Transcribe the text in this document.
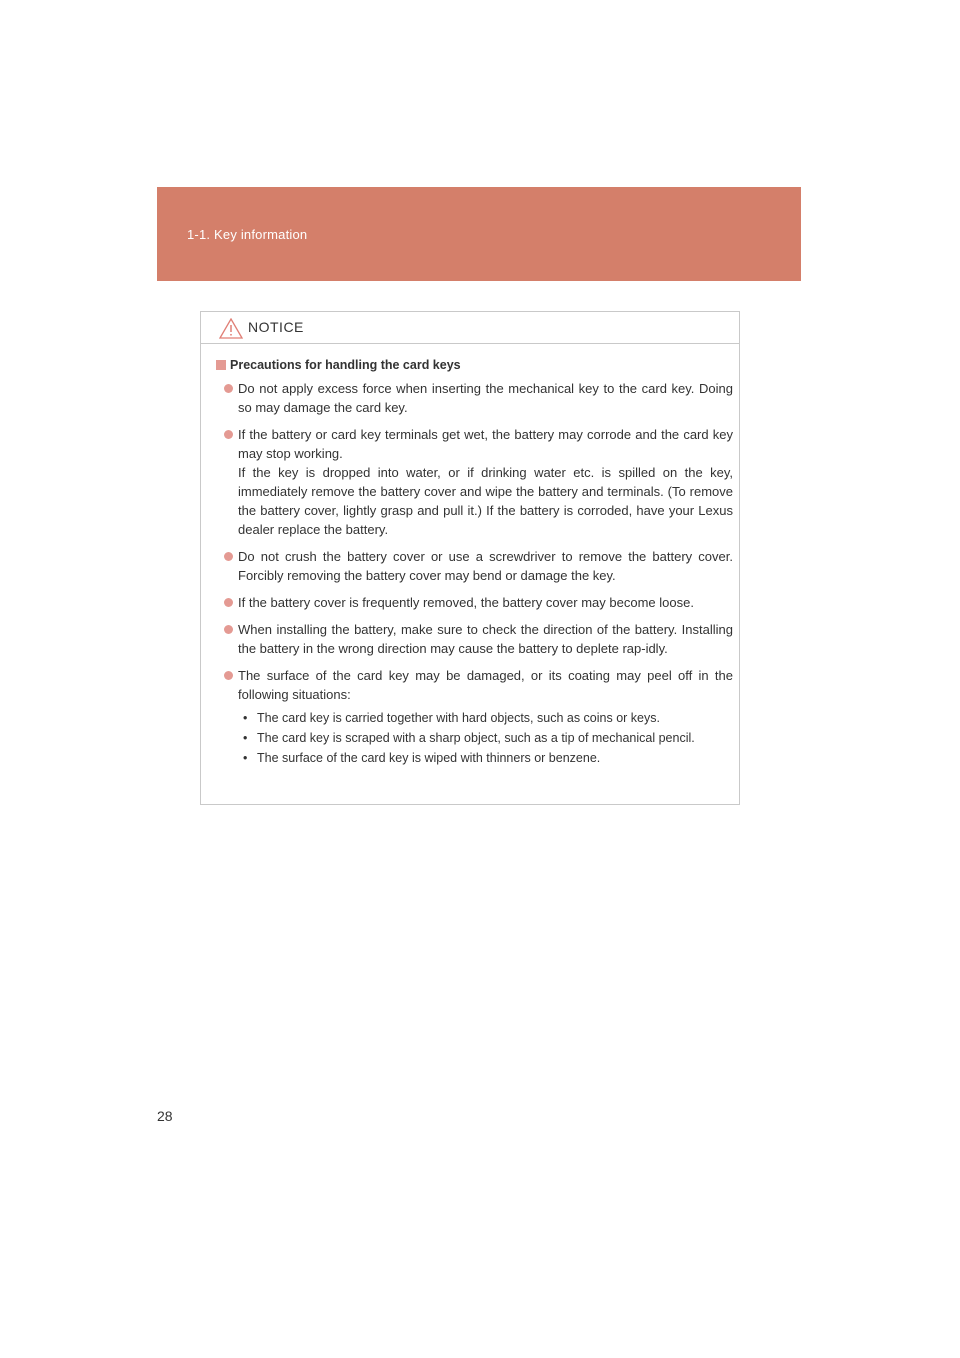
1-1. Key information
NOTICE
Precautions for handling the card keys

Do not apply excess force when inserting the mechanical key to the card key. Doing so may damage the card key.

If the battery or card key terminals get wet, the battery may corrode and the card key may stop working.

If the key is dropped into water, or if drinking water etc. is spilled on the key, immediately remove the battery cover and wipe the battery and terminals. (To remove the battery cover, lightly grasp and pull it.) If the battery is corroded, have your Lexus dealer replace the battery.

Do not crush the battery cover or use a screwdriver to remove the battery cover. Forcibly removing the battery cover may bend or damage the key.

If the battery cover is frequently removed, the battery cover may become loose.

When installing the battery, make sure to check the direction of the battery. Installing the battery in the wrong direction may cause the battery to deplete rap-idly.

The surface of the card key may be damaged, or its coating may peel off in the following situations:

• The card key is carried together with hard objects, such as coins or keys.
• The card key is scraped with a sharp object, such as a tip of mechanical pencil.
• The surface of the card key is wiped with thinners or benzene.
28
